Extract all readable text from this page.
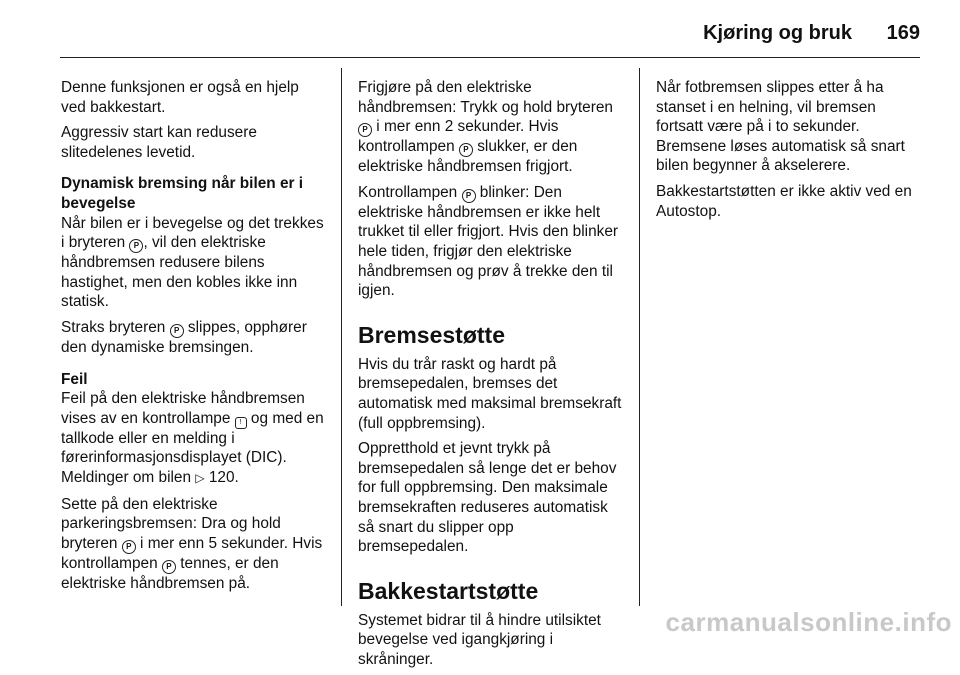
Kjøring og bruk 169

Denne funksjonen er også en hjelp ved bakkestart.

Aggressiv start kan redusere slitedelenes levetid.

Dynamisk bremsing når bilen er i bevegelse

Når bilen er i bevegelse og det trekkes i bryteren P , vil den elektriske håndbremsen redusere bilens hastighet, men den kobles ikke inn statisk.

Straks bryteren P slippes, opphører den dynamiske bremsingen.

Feil

Feil på den elektriske håndbremsen vises av en kontrollampe ! og med en tallkode eller en melding i førerinformasjonsdisplayet (DIC). Meldinger om bilen ▷ 120.

Sette på den elektriske parkeringsbremsen: Dra og hold bryteren P i mer enn 5 sekunder. Hvis kontrollampen P tennes, er den elektriske håndbremsen på.

Frigjøre på den elektriske håndbremsen: Trykk og hold bryteren P i mer enn 2 sekunder. Hvis kontrollampen P slukker, er den elektriske håndbremsen frigjort.

Kontrollampen P blinker: Den elektriske håndbremsen er ikke helt trukket til eller frigjort. Hvis den blinker hele tiden, frigjør den elektriske håndbremsen og prøv å trekke den til igjen.

Bremsestøtte

Hvis du trår raskt og hardt på bremsepedalen, bremses det automatisk med maksimal bremsekraft (full oppbremsing).

Oppretthold et jevnt trykk på bremsepedalen så lenge det er behov for full oppbremsing. Den maksimale bremsekraften reduseres automatisk så snart du slipper opp bremsepedalen.

Bakkestartstøtte

Systemet bidrar til å hindre utilsiktet bevegelse ved igangkjøring i skråninger.

Når fotbremsen slippes etter å ha stanset i en helning, vil bremsen fortsatt være på i to sekunder. Bremsene løses automatisk så snart bilen begynner å akselerere.

Bakkestartstøtten er ikke aktiv ved en Autostop.

carmanualsonline.info
